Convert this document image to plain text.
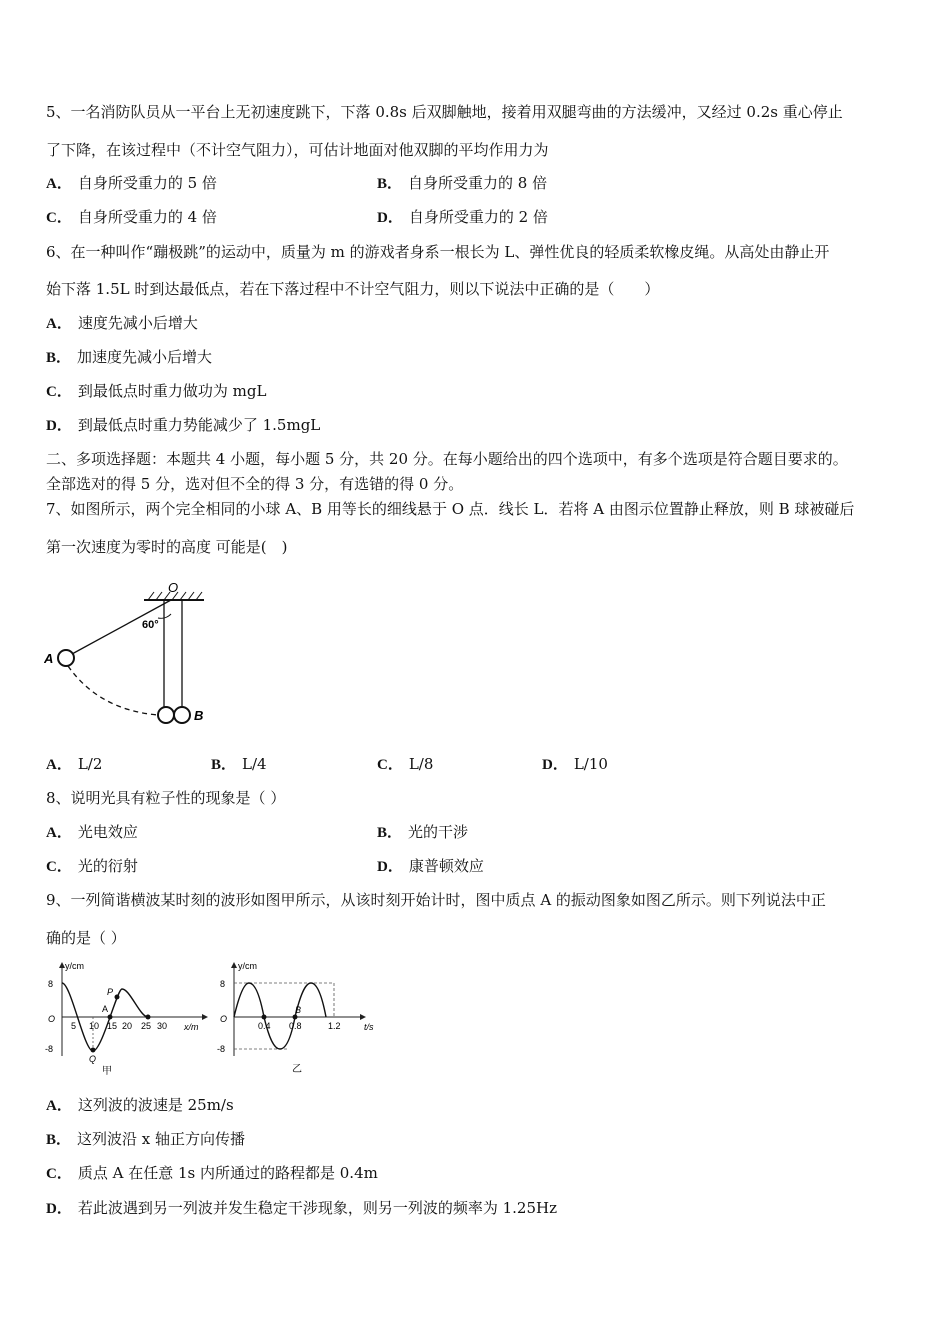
5、一名消防队员从一平台上无初速度跳下，下落 0.8s 后双脚触地，接着用双腿弯曲的方法缓冲，又经过 0.2s 重心停止
了下降，在该过程中（不计空气阻力），可估计地面对他双脚的平均作用力为
A． 自身所受重力的 5 倍	B． 自身所受重力的 8 倍
C． 自身所受重力的 4 倍	D． 自身所受重力的 2 倍
6、在一种叫作“蹦极跳”的运动中，质量为 m 的游戏者身系一根长为 L、弹性优良的轻质柔软橡皮绳。从高处由静止开
始下落 1.5L 时到达最低点，若在下落过程中不计空气阻力，则以下说法中正确的是（　　）
A． 速度先减小后增大
B． 加速度先减小后增大
C． 到最低点时重力做功为 mgL
D． 到最低点时重力势能减少了 1.5mgL
二、多项选择题：本题共 4 小题，每小题 5 分，共 20 分。在每小题给出的四个选项中，有多个选项是符合题目要求的。
全部选对的得 5 分，选对但不全的得 3 分，有选错的得 0 分。
7、如图所示，两个完全相同的小球 A、B 用等长的细线悬于 O 点．线长 L．若将 A 由图示位置静止释放，则 B 球被碰后
第一次速度为零时的高度 可能是(　)
O
60°
A
B
A． L/2	B． L/4	C． L/8	D． L/10
8、说明光具有粒子性的现象是（ ）
A． 光电效应	B． 光的干涉
C． 光的衍射	D． 康普顿效应
9、一列简谐横波某时刻的波形如图甲所示，从该时刻开始计时，图中质点 A 的振动图象如图乙所示。则下列说法中正
确的是（ ）
y/cm
x/m
8
-8
O
5 10 15 20 25 30
Q
P
A
甲
y/cm
t/s
8
-8
O
0.4 0.8	1.2
B
乙
A． 这列波的波速是 25m/s
B． 这列波沿 x 轴正方向传播
C． 质点 A 在任意 1s 内所通过的路程都是 0.4m
D． 若此波遇到另一列波并发生稳定干涉现象，则另一列波的频率为 1.25Hz
